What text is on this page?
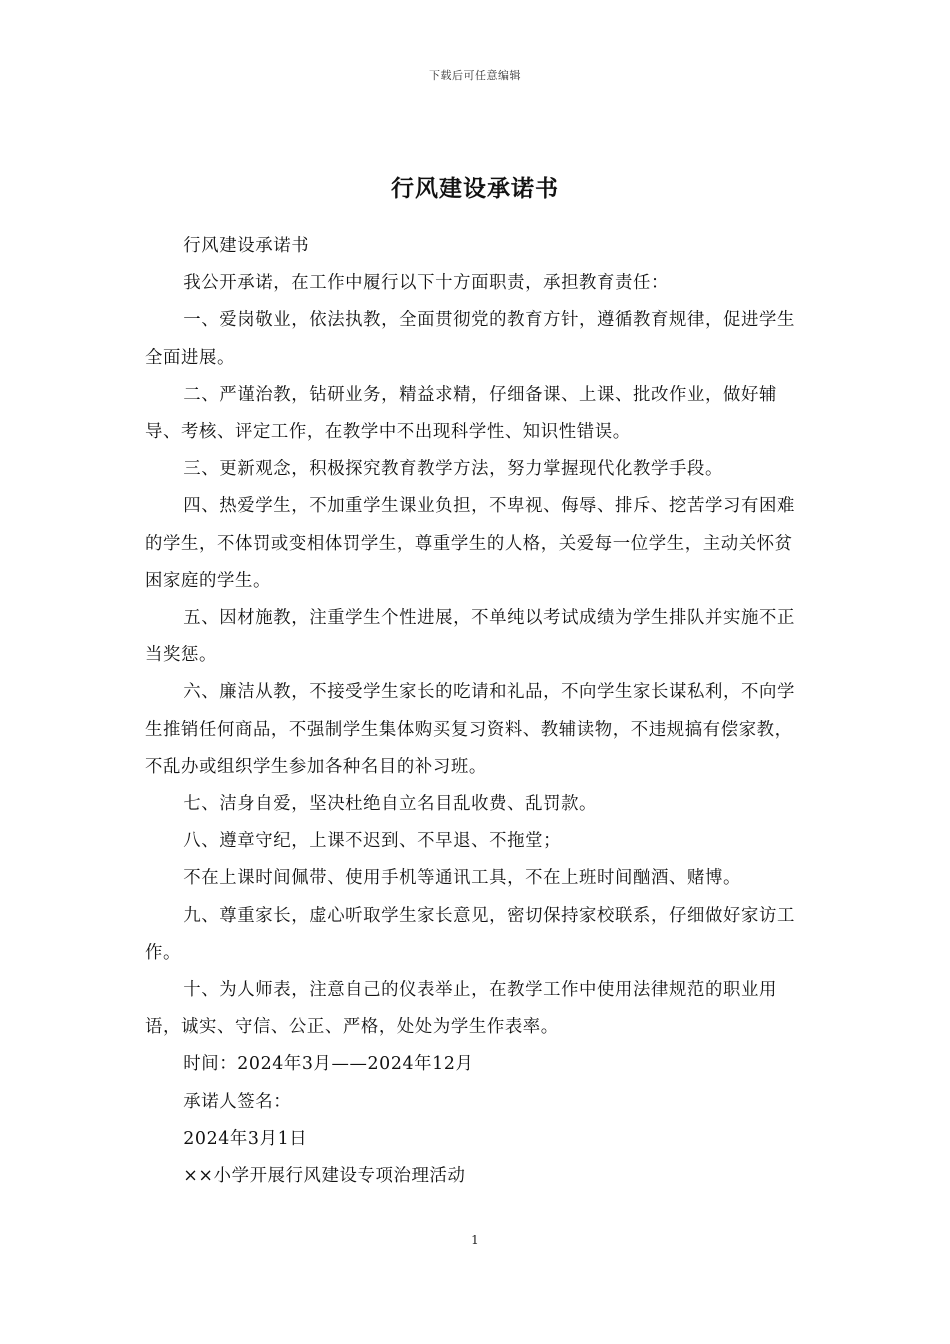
下载后可任意编辑
行风建设承诺书

行风建设承诺书

我公开承诺，在工作中履行以下十方面职责，承担教育责任：

一、爱岗敬业，依法执教，全面贯彻党的教育方针，遵循教育规律，促进学生全面进展。

二、严谨治教，钻研业务，精益求精，仔细备课、上课、批改作业，做好辅导、考核、评定工作，在教学中不出现科学性、知识性错误。

三、更新观念，积极探究教育教学方法，努力掌握现代化教学手段。

四、热爱学生，不加重学生课业负担，不卑视、侮辱、排斥、挖苦学习有困难的学生，不体罚或变相体罚学生，尊重学生的人格，关爱每一位学生，主动关怀贫困家庭的学生。

五、因材施教，注重学生个性进展，不单纯以考试成绩为学生排队并实施不正当奖惩。

六、廉洁从教，不接受学生家长的吃请和礼品，不向学生家长谋私利，不向学生推销任何商品，不强制学生集体购买复习资料、教辅读物，不违规搞有偿家教，不乱办或组织学生参加各种名目的补习班。

七、洁身自爱，坚决杜绝自立名目乱收费、乱罚款。

八、遵章守纪，上课不迟到、不早退、不拖堂；

不在上课时间佩带、使用手机等通讯工具，不在上班时间酗酒、赌博。

九、尊重家长，虚心听取学生家长意见，密切保持家校联系，仔细做好家访工作。

十、为人师表，注意自己的仪表举止，在教学工作中使用法律规范的职业用语，诚实、守信、公正、严格，处处为学生作表率。

时间：2024年3月——2024年12月

承诺人签名：

2024年3月1日

××小学开展行风建设专项治理活动

1
